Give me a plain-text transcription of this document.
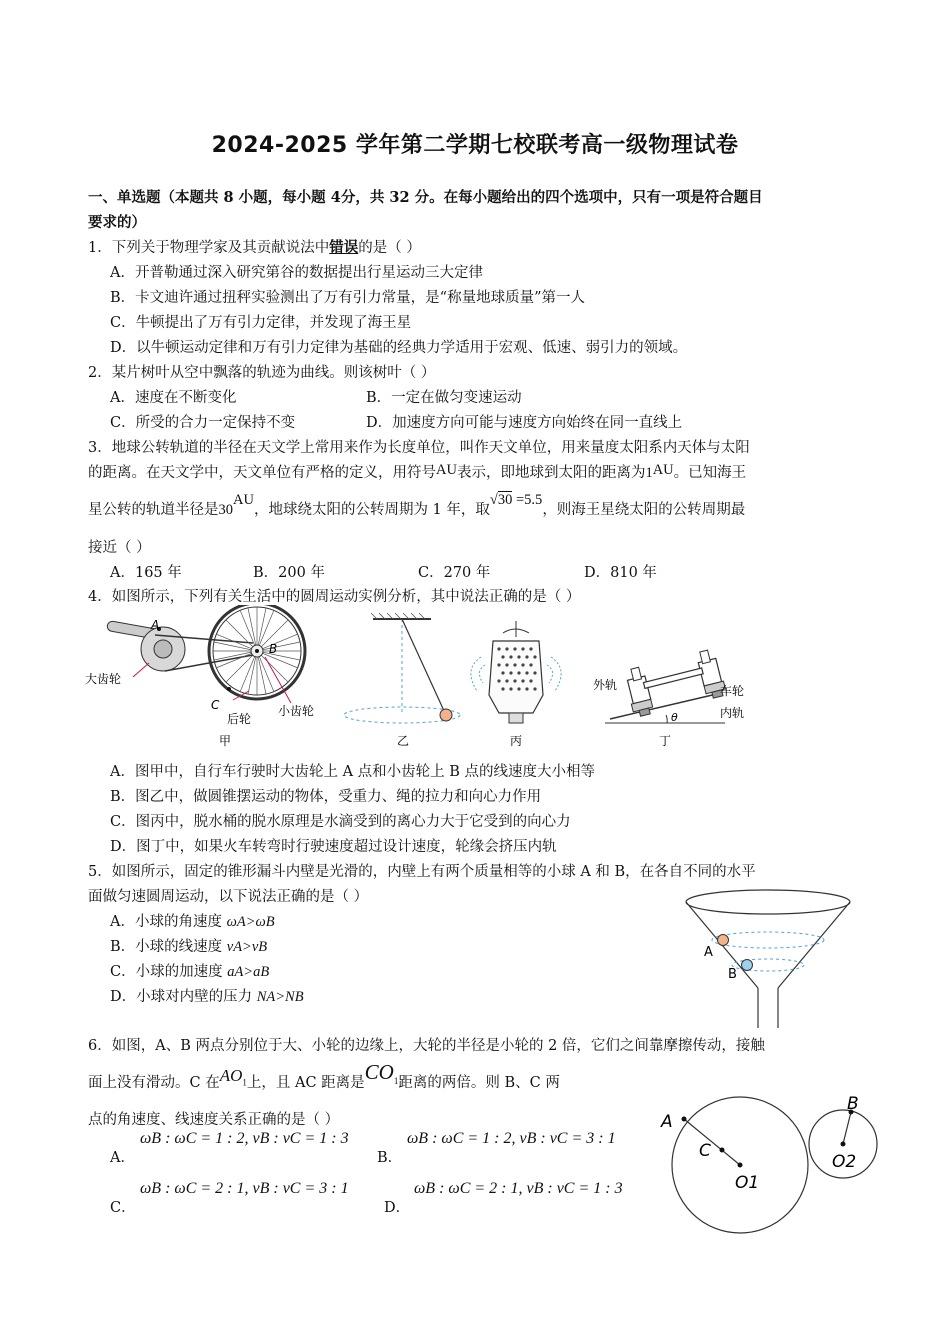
2024-2025 学年第二学期七校联考高一级物理试卷
一、单选题（本题共 8 小题，每小题 4分，共 32 分。在每小题给出的四个选项中，只有一项是符合题目
要求的）
1．下列关于物理学家及其贡献说法中错误的是（ ）
A．开普勒通过深入研究第谷的数据提出行星运动三大定律
B．卡文迪许通过扭秤实验测出了万有引力常量，是“称量地球质量”第一人
C．牛顿提出了万有引力定律，并发现了海王星
D．以牛顿运动定律和万有引力定律为基础的经典力学适用于宏观、低速、弱引力的领域。
2．某片树叶从空中飘落的轨迹为曲线。则该树叶（ ）
A．速度在不断变化	B．一定在做匀变速运动
C．所受的合力一定保持不变	D．加速度方向可能与速度方向始终在同一直线上
3．地球公转轨道的半径在天文学上常用来作为长度单位，叫作天文单位，用来量度太阳系内天体与太阳
的距离。在天文学中，天文单位有严格的定义，用符号AU表示，即地球到太阳的距离为1AU。已知海王
星公转的轨道半径是30AU，地球绕太阳的公转周期为 1 年，取√30 =5.5，则海王星绕太阳的公转周期最
接近（ ）
A．165 年	B．200 年	C．270 年	D．810 年
4．如图所示，下列有关生活中的圆周运动实例分析，其中说法正确的是（ ）
A
B
C
大齿轮
后轮
小齿轮
甲	乙	丙
外轨	车轮
内轨
θ
丁
A．图甲中，自行车行驶时大齿轮上 A 点和小齿轮上 B 点的线速度大小相等
B．图乙中，做圆锥摆运动的物体，受重力、绳的拉力和向心力作用
C．图丙中，脱水桶的脱水原理是水滴受到的离心力大于它受到的向心力
D．图丁中，如果火车转弯时行驶速度超过设计速度，轮缘会挤压内轨
5．如图所示，固定的锥形漏斗内壁是光滑的，内壁上有两个质量相等的小球 A 和 B，在各自不同的水平
面做匀速圆周运动，以下说法正确的是（ ）
A．小球的角速度 ωA>ωB
B．小球的线速度 vA>vB
C．小球的加速度 aA>aB
D．小球对内壁的压力 NA>NB
A
B
6．如图，A、B 两点分别位于大、小轮的边缘上，大轮的半径是小轮的 2 倍，它们之间靠摩擦传动，接触
面上没有滑动。C 在$AO_1$上，且 AC 距离是$CO_1$距离的两倍。则 B、C 两
点的角速度、线速度关系正确的是（ ）
A．
ωB : ωC = 1 : 2, vB : vC = 1 : 3
B．
ωB : ωC = 1 : 2, vB : vC = 3 : 1
C．
ωB : ωC = 2 : 1, vB : vC = 3 : 1
D．
ωB : ωC = 2 : 1, vB : vC = 1 : 3
A
C
O1
B
O2
